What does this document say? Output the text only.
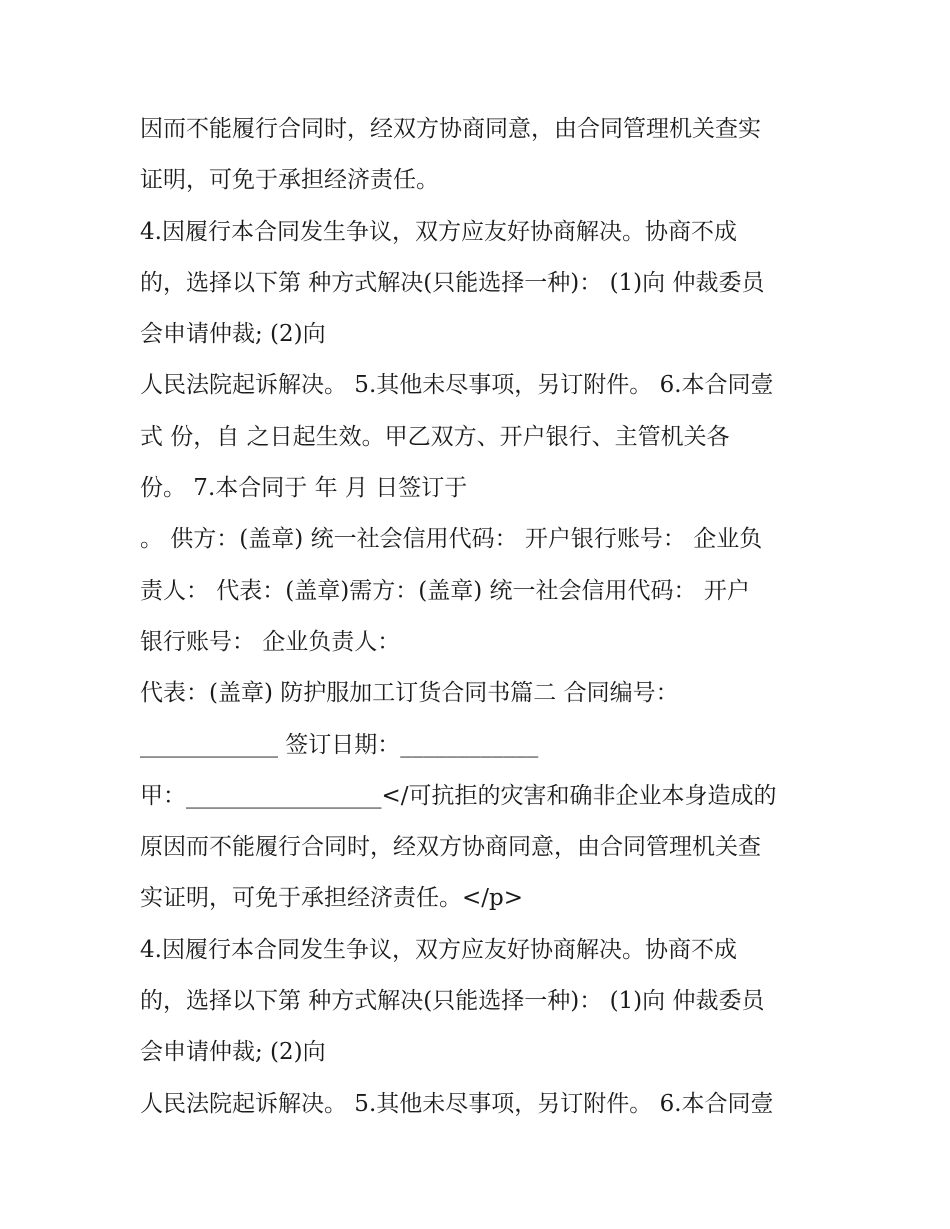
因而不能履行合同时，经双方协商同意，由合同管理机关查实
证明，可免于承担经济责任。
4.因履行本合同发生争议，双方应友好协商解决。协商不成
的，选择以下第 种方式解决(只能选择一种)： (1)向 仲裁委员
会申请仲裁; (2)向
人民法院起诉解决。 5.其他未尽事项，另订附件。 6.本合同壹
式 份，自 之日起生效。甲乙双方、开户银行、主管机关各
份。 7.本合同于 年 月 日签订于
。 供方：(盖章) 统一社会信用代码： 开户银行账号： 企业负
责人： 代表：(盖章)需方：(盖章) 统一社会信用代码： 开户
银行账号： 企业负责人：
代表：(盖章) 防护服加工订货合同书篇二 合同编号：
____________ 签订日期：____________
甲：_________________</可抗拒的灾害和确非企业本身造成的
原因而不能履行合同时，经双方协商同意，由合同管理机关查
实证明，可免于承担经济责任。</p>
4.因履行本合同发生争议，双方应友好协商解决。协商不成
的，选择以下第 种方式解决(只能选择一种)： (1)向 仲裁委员
会申请仲裁; (2)向
人民法院起诉解决。 5.其他未尽事项，另订附件。 6.本合同壹
